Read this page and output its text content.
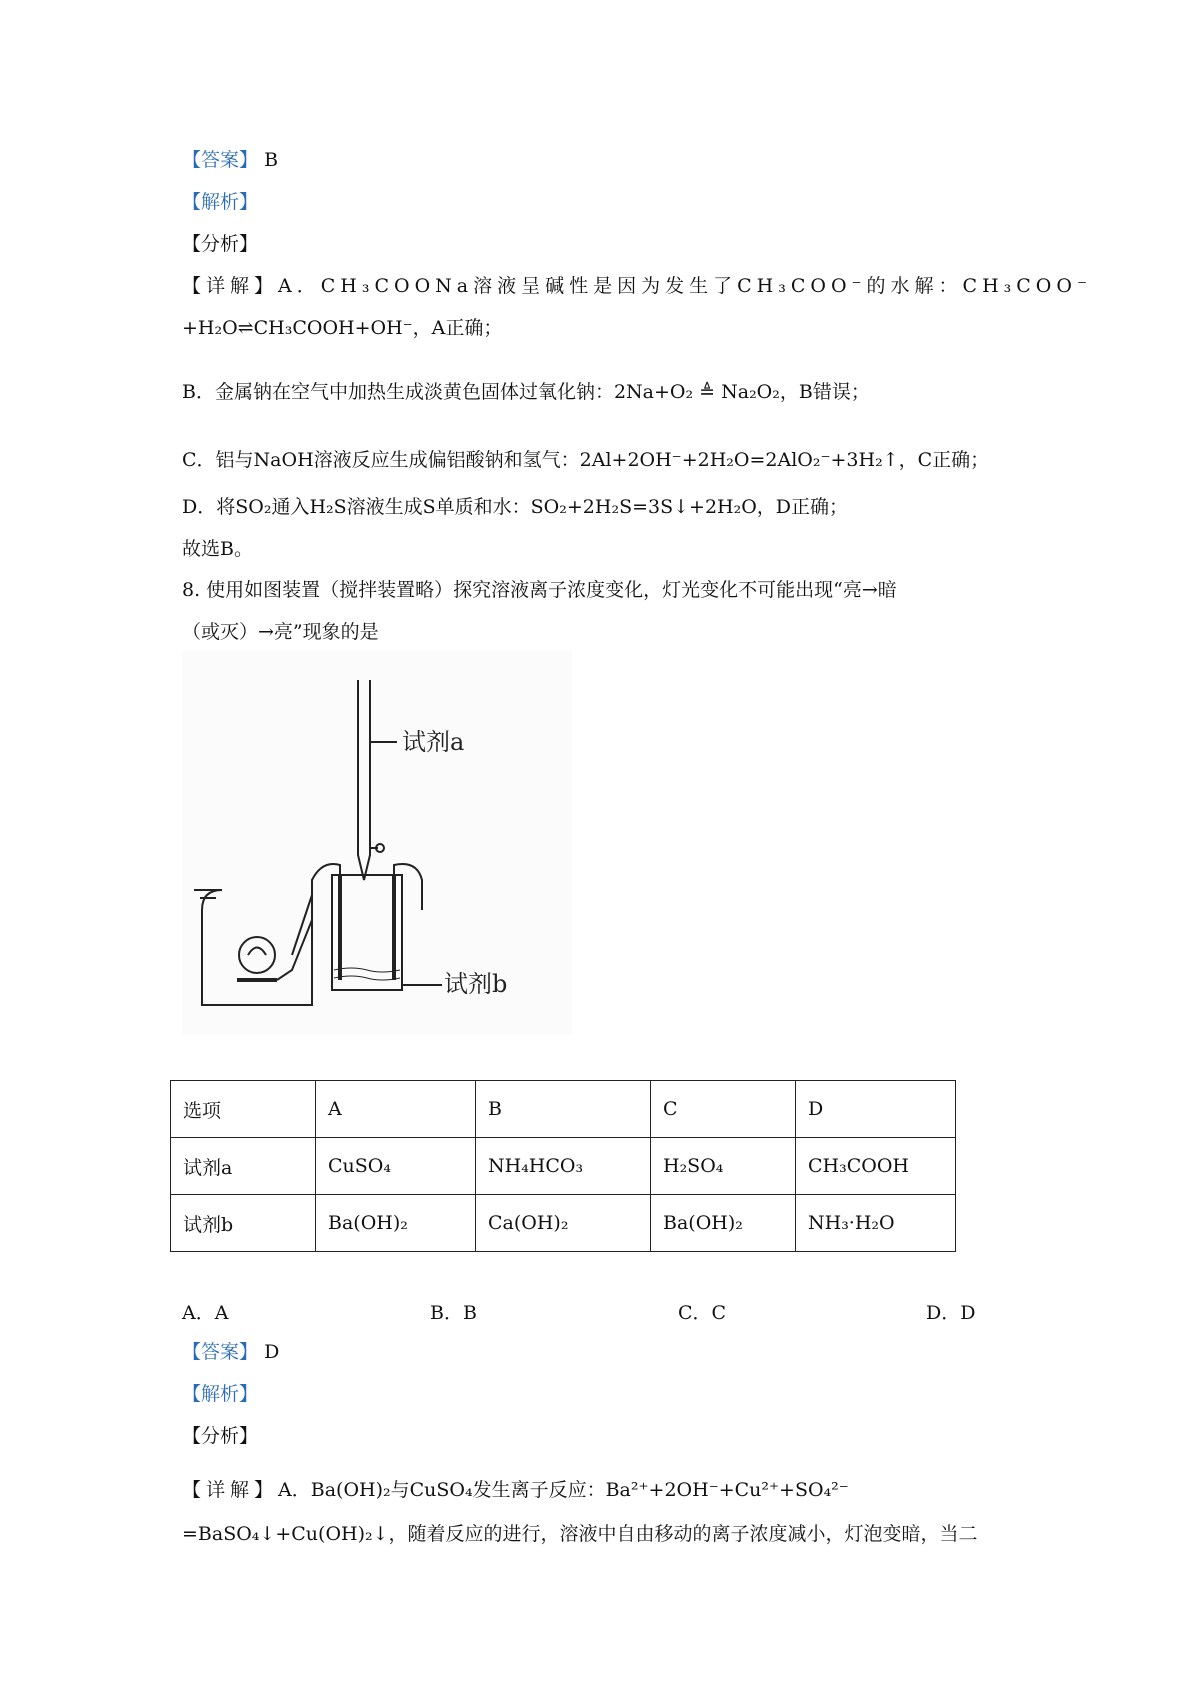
【答案】 B
【解析】
【分析】
【详解】A．CH₃COONa溶液呈碱性是因为发生了CH₃COO⁻的水解：CH₃COO⁻
+H₂O⇌CH₃COOH+OH⁻，A正确；
B．金属钠在空气中加热生成淡黄色固体过氧化钠：2Na+O₂ ≜ Na₂O₂，B错误；
C．铝与NaOH溶液反应生成偏铝酸钠和氢气：2Al+2OH⁻+2H₂O=2AlO₂⁻+3H₂↑，C正确；
D．将SO₂通入H₂S溶液生成S单质和水：SO₂+2H₂S=3S↓+2H₂O，D正确；
故选B。
8. 使用如图装置（搅拌装置略）探究溶液离子浓度变化，灯光变化不可能出现“亮→暗
（或灭）→亮”现象的是
试剂a
试剂b
选项	A	B	C	D
试剂a	CuSO₄	NH₄HCO₃	H₂SO₄	CH₃COOH
试剂b	Ba(OH)₂	Ca(OH)₂	Ba(OH)₂	NH₃·H₂O
A．A	B．B	C．C	D．D
【答案】 D
【解析】
【分析】
【详解】A．Ba(OH)₂与CuSO₄发生离子反应：Ba²⁺+2OH⁻+Cu²⁺+SO₄²⁻
=BaSO₄↓+Cu(OH)₂↓，随着反应的进行，溶液中自由移动的离子浓度减小，灯泡变暗，当二
